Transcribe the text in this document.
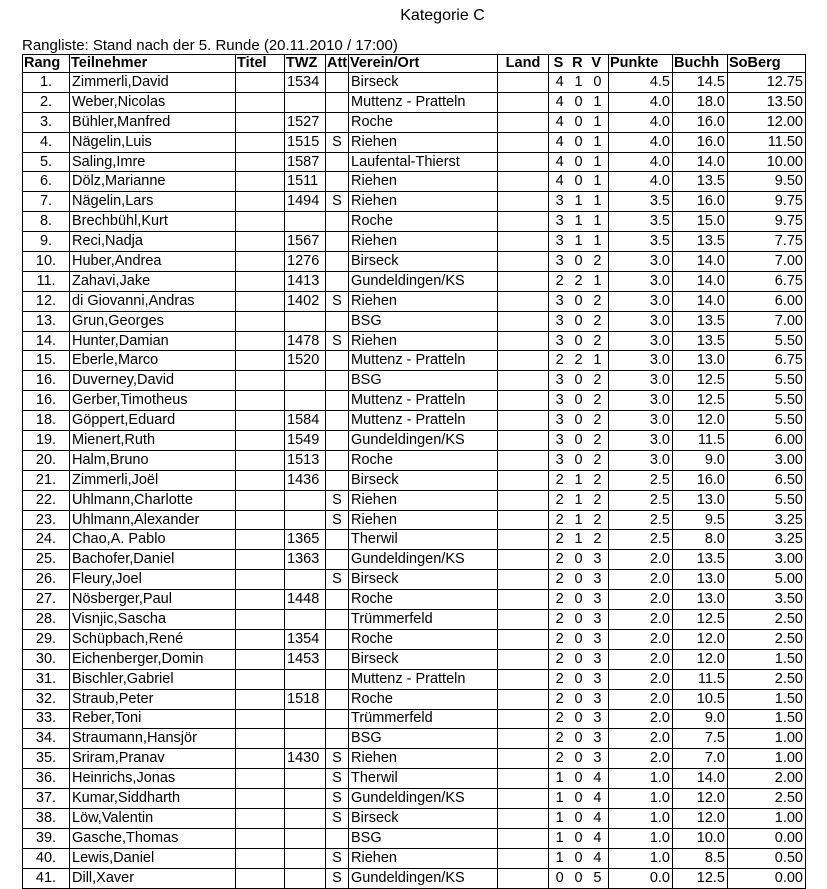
Kategorie C
Rangliste: Stand nach der 5. Runde (20.11.2010 / 17:00)
Rang	Teilnehmer	Titel	TWZ	Att	Verein/Ort	Land	S R V	Punkte	Buchh	SoBerg
1.	Zimmerli,David		1534		Birseck		4 1 0	4.5	14.5	12.75
2.	Weber,Nicolas				Muttenz - Pratteln		4 0 1	4.0	18.0	13.50
3.	Bühler,Manfred		1527		Roche		4 0 1	4.0	16.0	12.00
4.	Nägelin,Luis		1515	S	Riehen		4 0 1	4.0	16.0	11.50
5.	Saling,Imre		1587		Laufental-Thierst		4 0 1	4.0	14.0	10.00
6.	Dölz,Marianne		1511		Riehen		4 0 1	4.0	13.5	9.50
7.	Nägelin,Lars		1494	S	Riehen		3 1 1	3.5	16.0	9.75
8.	Brechbühl,Kurt				Roche		3 1 1	3.5	15.0	9.75
9.	Reci,Nadja		1567		Riehen		3 1 1	3.5	13.5	7.75
10.	Huber,Andrea		1276		Birseck		3 0 2	3.0	14.0	7.00
11.	Zahavi,Jake		1413		Gundeldingen/KS		2 2 1	3.0	14.0	6.75
12.	di Giovanni,Andras		1402	S	Riehen		3 0 2	3.0	14.0	6.00
13.	Grun,Georges				BSG		3 0 2	3.0	13.5	7.00
14.	Hunter,Damian		1478	S	Riehen		3 0 2	3.0	13.5	5.50
15.	Eberle,Marco		1520		Muttenz - Pratteln		2 2 1	3.0	13.0	6.75
16.	Duverney,David				BSG		3 0 2	3.0	12.5	5.50
16.	Gerber,Timotheus				Muttenz - Pratteln		3 0 2	3.0	12.5	5.50
18.	Göppert,Eduard		1584		Muttenz - Pratteln		3 0 2	3.0	12.0	5.50
19.	Mienert,Ruth		1549		Gundeldingen/KS		3 0 2	3.0	11.5	6.00
20.	Halm,Bruno		1513		Roche		3 0 2	3.0	9.0	3.00
21.	Zimmerli,Joël		1436		Birseck		2 1 2	2.5	16.0	6.50
22.	Uhlmann,Charlotte			S	Riehen		2 1 2	2.5	13.0	5.50
23.	Uhlmann,Alexander			S	Riehen		2 1 2	2.5	9.5	3.25
24.	Chao,A. Pablo		1365		Therwil		2 1 2	2.5	8.0	3.25
25.	Bachofer,Daniel		1363		Gundeldingen/KS		2 0 3	2.0	13.5	3.00
26.	Fleury,Joel			S	Birseck		2 0 3	2.0	13.0	5.00
27.	Nösberger,Paul		1448		Roche		2 0 3	2.0	13.0	3.50
28.	Visnjic,Sascha				Trümmerfeld		2 0 3	2.0	12.5	2.50
29.	Schüpbach,René		1354		Roche		2 0 3	2.0	12.0	2.50
30.	Eichenberger,Domin		1453		Birseck		2 0 3	2.0	12.0	1.50
31.	Bischler,Gabriel				Muttenz - Pratteln		2 0 3	2.0	11.5	2.50
32.	Straub,Peter		1518		Roche		2 0 3	2.0	10.5	1.50
33.	Reber,Toni				Trümmerfeld		2 0 3	2.0	9.0	1.50
34.	Straumann,Hansjör				BSG		2 0 3	2.0	7.5	1.00
35.	Sriram,Pranav		1430	S	Riehen		2 0 3	2.0	7.0	1.00
36.	Heinrichs,Jonas			S	Therwil		1 0 4	1.0	14.0	2.00
37.	Kumar,Siddharth			S	Gundeldingen/KS		1 0 4	1.0	12.0	2.50
38.	Löw,Valentin			S	Birseck		1 0 4	1.0	12.0	1.00
39.	Gasche,Thomas				BSG		1 0 4	1.0	10.0	0.00
40.	Lewis,Daniel			S	Riehen		1 0 4	1.0	8.5	0.50
41.	Dill,Xaver			S	Gundeldingen/KS		0 0 5	0.0	12.5	0.00
